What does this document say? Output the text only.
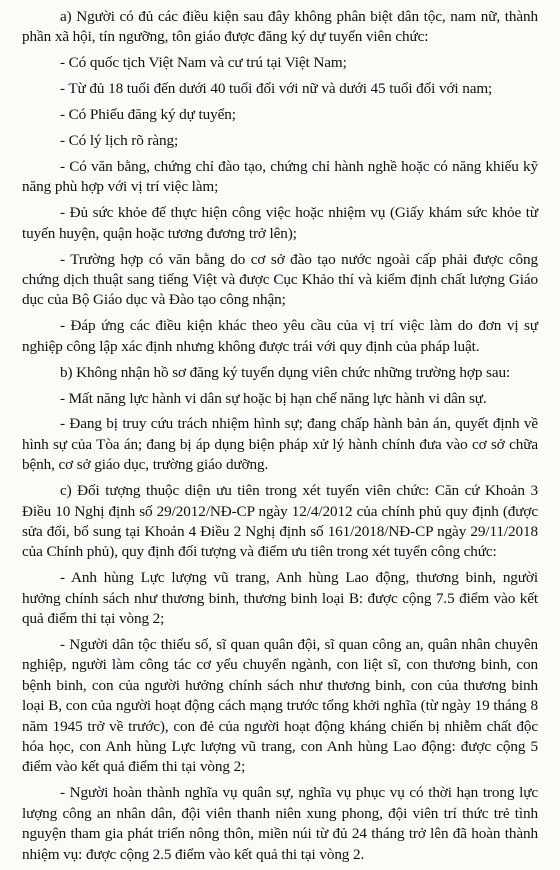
a) Người có đủ các điều kiện sau đây không phân biệt dân tộc, nam nữ, thành phần xã hội, tín ngưỡng, tôn giáo được đăng ký dự tuyển viên chức:

- Có quốc tịch Việt Nam và cư trú tại Việt Nam;

- Từ đủ 18 tuổi đến dưới 40 tuổi đối với nữ và dưới 45 tuổi đối với nam;

- Có Phiếu đăng ký dự tuyển;

- Có lý lịch rõ ràng;

- Có văn bằng, chứng chỉ đào tạo, chứng chỉ hành nghề hoặc có năng khiếu kỹ năng phù hợp với vị trí việc làm;

- Đủ sức khỏe để thực hiện công việc hoặc nhiệm vụ (Giấy khám sức khỏe từ tuyến huyện, quận hoặc tương đương trở lên);

- Trường hợp có văn bằng do cơ sở đào tạo nước ngoài cấp phải được công chứng dịch thuật sang tiếng Việt và được Cục Khảo thí và kiểm định chất lượng Giáo dục của Bộ Giáo dục và Đào tạo công nhận;

- Đáp ứng các điều kiện khác theo yêu cầu của vị trí việc làm do đơn vị sự nghiệp công lập xác định nhưng không được trái với quy định của pháp luật.

b) Không nhận hồ sơ đăng ký tuyển dụng viên chức những trường hợp sau:

- Mất năng lực hành vi dân sự hoặc bị hạn chế năng lực hành vi dân sự.

- Đang bị truy cứu trách nhiệm hình sự; đang chấp hành bản án, quyết định về hình sự của Tòa án; đang bị áp dụng biện pháp xử lý hành chính đưa vào cơ sở chữa bệnh, cơ sở giáo dục, trường giáo dưỡng.

c) Đối tượng thuộc diện ưu tiên trong xét tuyển viên chức: Căn cứ Khoản 3 Điều 10 Nghị định số 29/2012/NĐ-CP ngày 12/4/2012 của chính phủ quy định (được sửa đổi, bổ sung tại Khoản 4 Điều 2 Nghị định số 161/2018/NĐ-CP ngày 29/11/2018 của Chính phủ), quy định đối tượng và điểm ưu tiên trong xét tuyển công chức:

- Anh hùng Lực lượng vũ trang, Anh hùng Lao động, thương binh, người hưởng chính sách như thương binh, thương binh loại B: được cộng 7.5 điểm vào kết quả điểm thi tại vòng 2;

- Người dân tộc thiểu số, sĩ quan quân đội, sĩ quan công an, quân nhân chuyên nghiệp, người làm công tác cơ yếu chuyển ngành, con liệt sĩ, con thương binh, con bệnh binh, con của người hưởng chính sách như thương binh, con của thương binh loại B, con của người hoạt động cách mạng trước tổng khởi nghĩa (từ ngày 19 tháng 8 năm 1945 trở về trước), con đẻ của người hoạt động kháng chiến bị nhiễm chất độc hóa học, con Anh hùng Lực lượng vũ trang, con Anh hùng Lao động: được cộng 5 điểm vào kết quả điểm thi tại vòng 2;

- Người hoàn thành nghĩa vụ quân sự, nghĩa vụ phục vụ có thời hạn trong lực lượng công an nhân dân, đội viên thanh niên xung phong, đội viên trí thức trẻ tình nguyện tham gia phát triển nông thôn, miền núi từ đủ 24 tháng trở lên đã hoàn thành nhiệm vụ: được cộng 2.5 điểm vào kết quả thi tại vòng 2.
